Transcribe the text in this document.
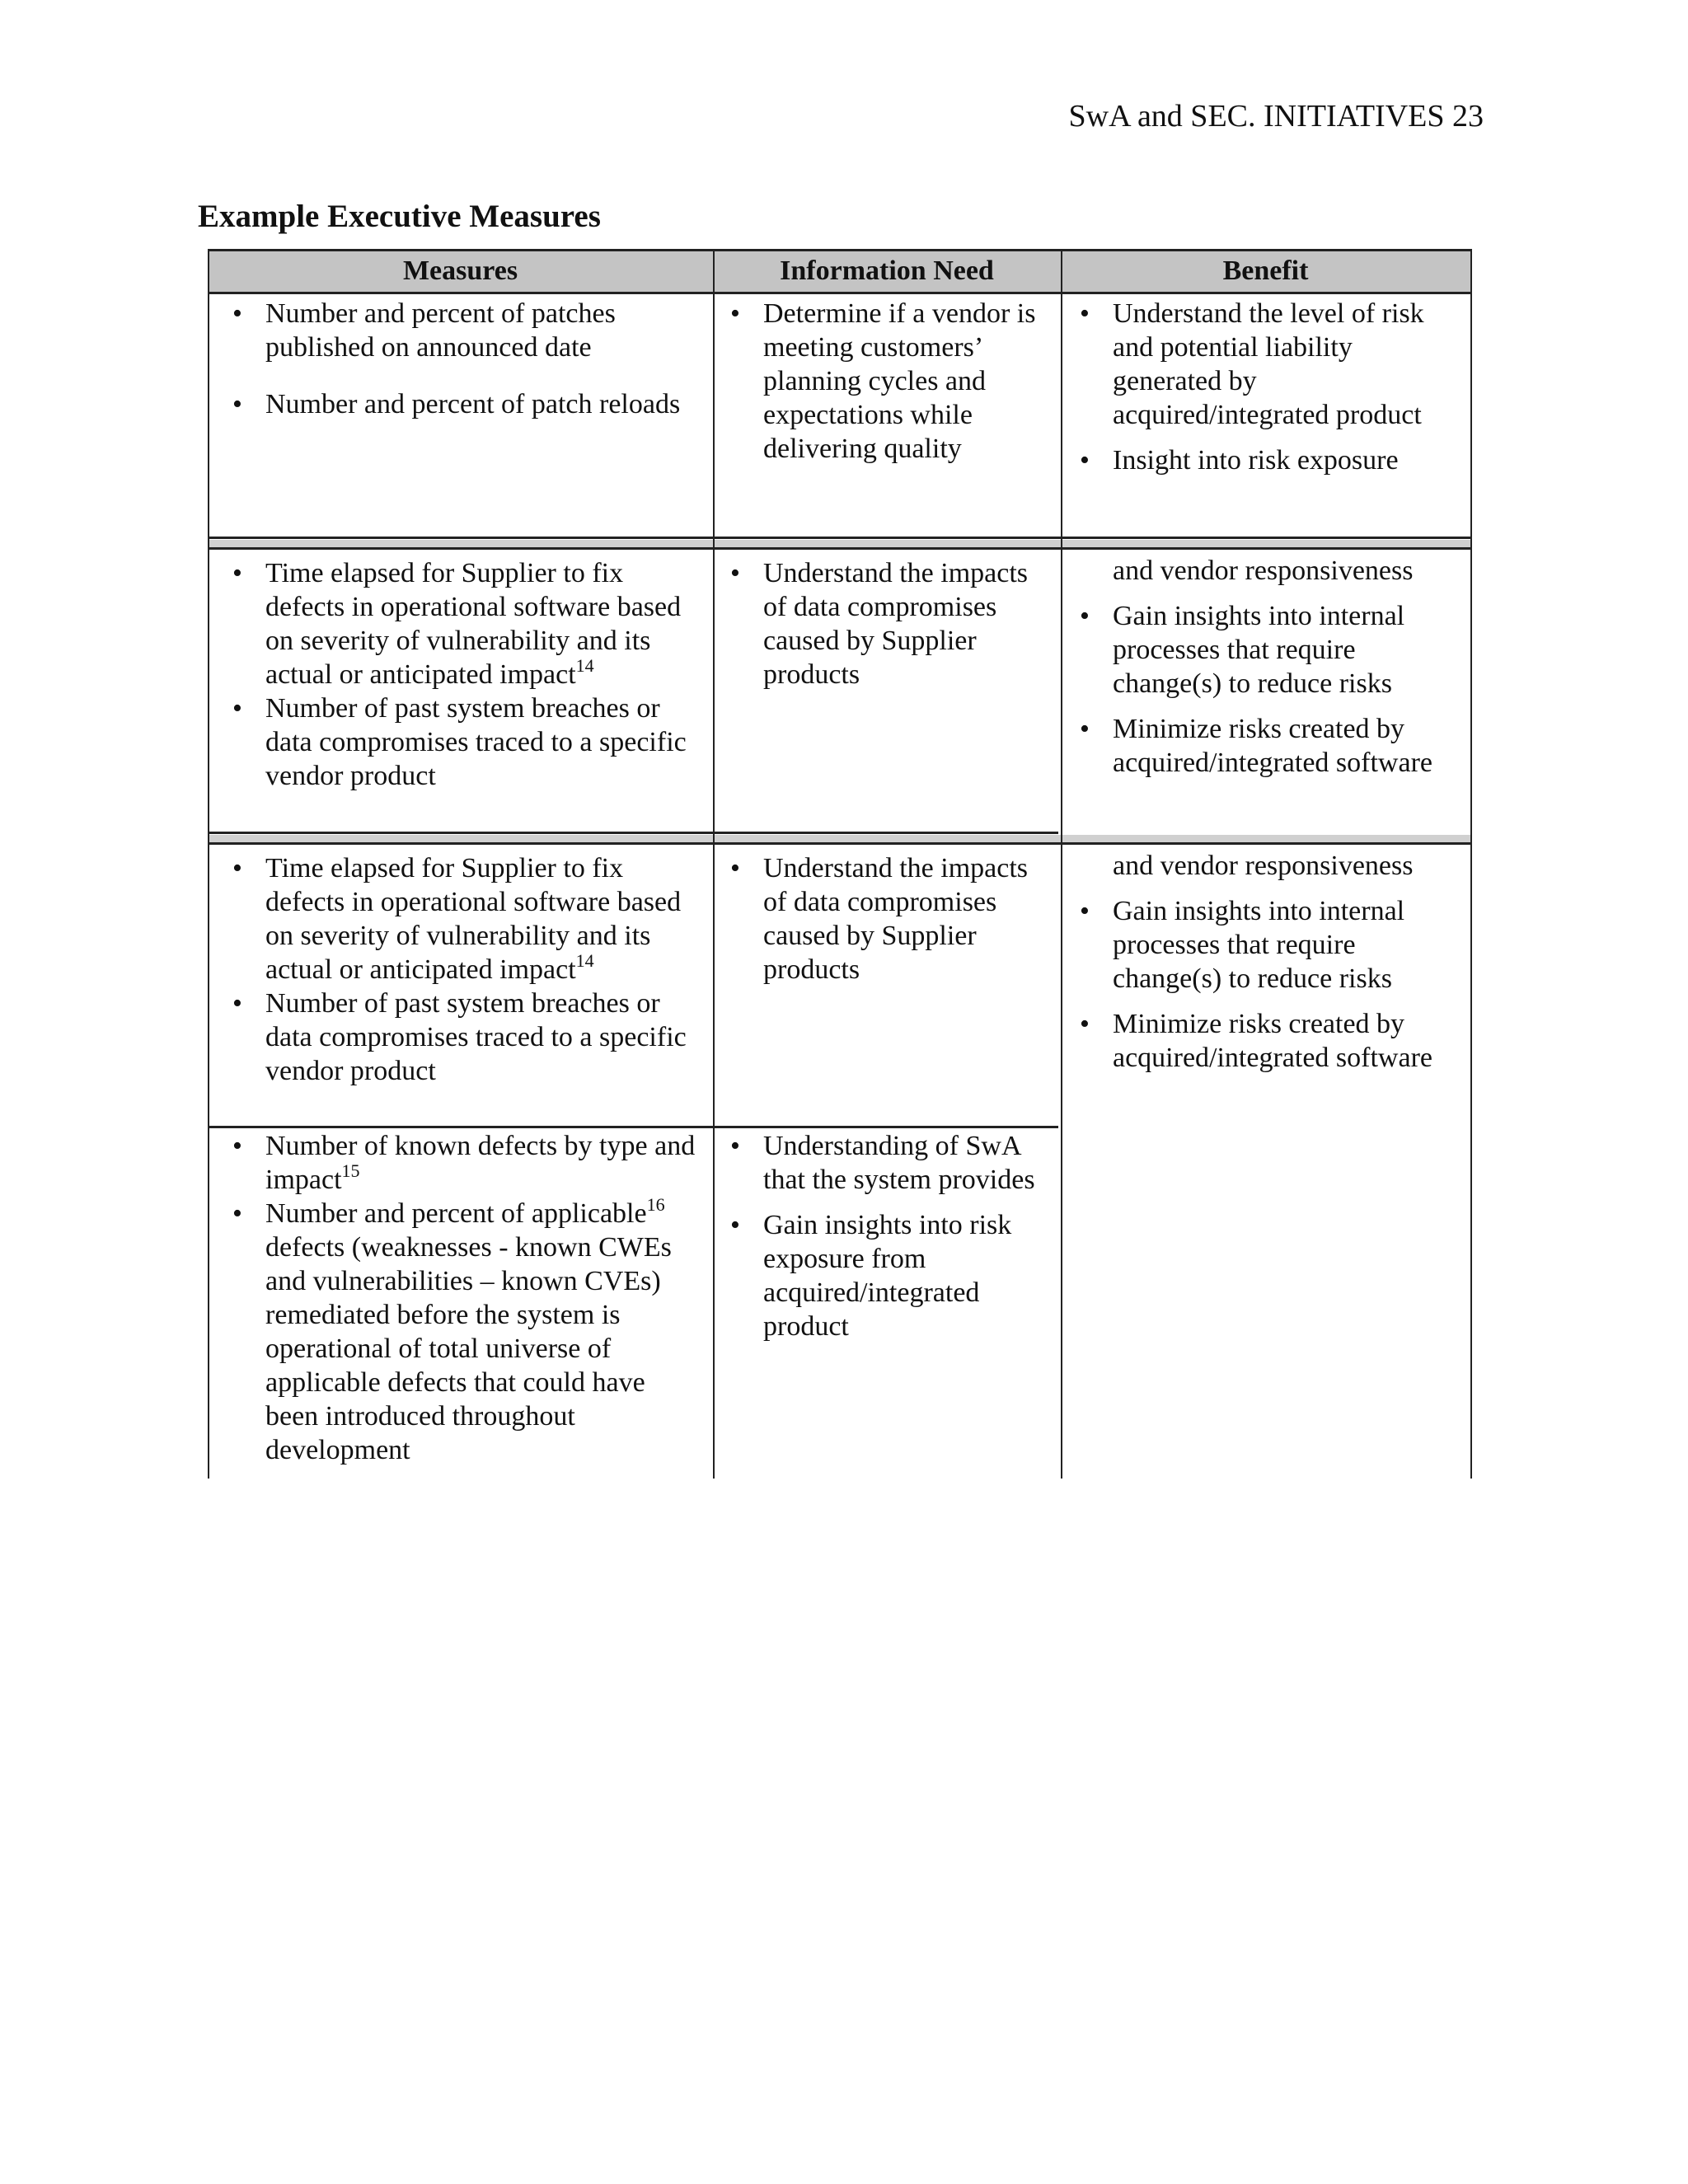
SwA and SEC. INITIATIVES 23
Example Executive Measures
Measures	Information Need	Benefit
• Number and percent of patches published on announced date
• Number and percent of patch reloads
• Determine if a vendor is meeting customers’ planning cycles and expectations while delivering quality
• Understand the level of risk and potential liability generated by acquired/integrated product
• Insight into risk exposure
• Time elapsed for Supplier to fix defects in operational software based on severity of vulnerability and its actual or anticipated impact$^{14}$
• Number of past system breaches or data compromises traced to a specific vendor product
• Understand the impacts of data compromises caused by Supplier products
and vendor responsiveness
• Gain insights into internal processes that require change(s) to reduce risks
• Minimize risks created by acquired/integrated software
• Time elapsed for Supplier to fix defects in operational software based on severity of vulnerability and its actual or anticipated impact$^{14}$
• Number of past system breaches or data compromises traced to a specific vendor product
• Understand the impacts of data compromises caused by Supplier products
and vendor responsiveness
• Gain insights into internal processes that require change(s) to reduce risks
• Minimize risks created by acquired/integrated software
• Number of known defects by type and impact$^{15}$
• Number and percent of applicable$^{16}$ defects (weaknesses - known CWEs and vulnerabilities – known CVEs) remediated before the system is operational of total universe of applicable defects that could have been introduced throughout development
• Understanding of SwA that the system provides
• Gain insights into risk exposure from acquired/integrated product
